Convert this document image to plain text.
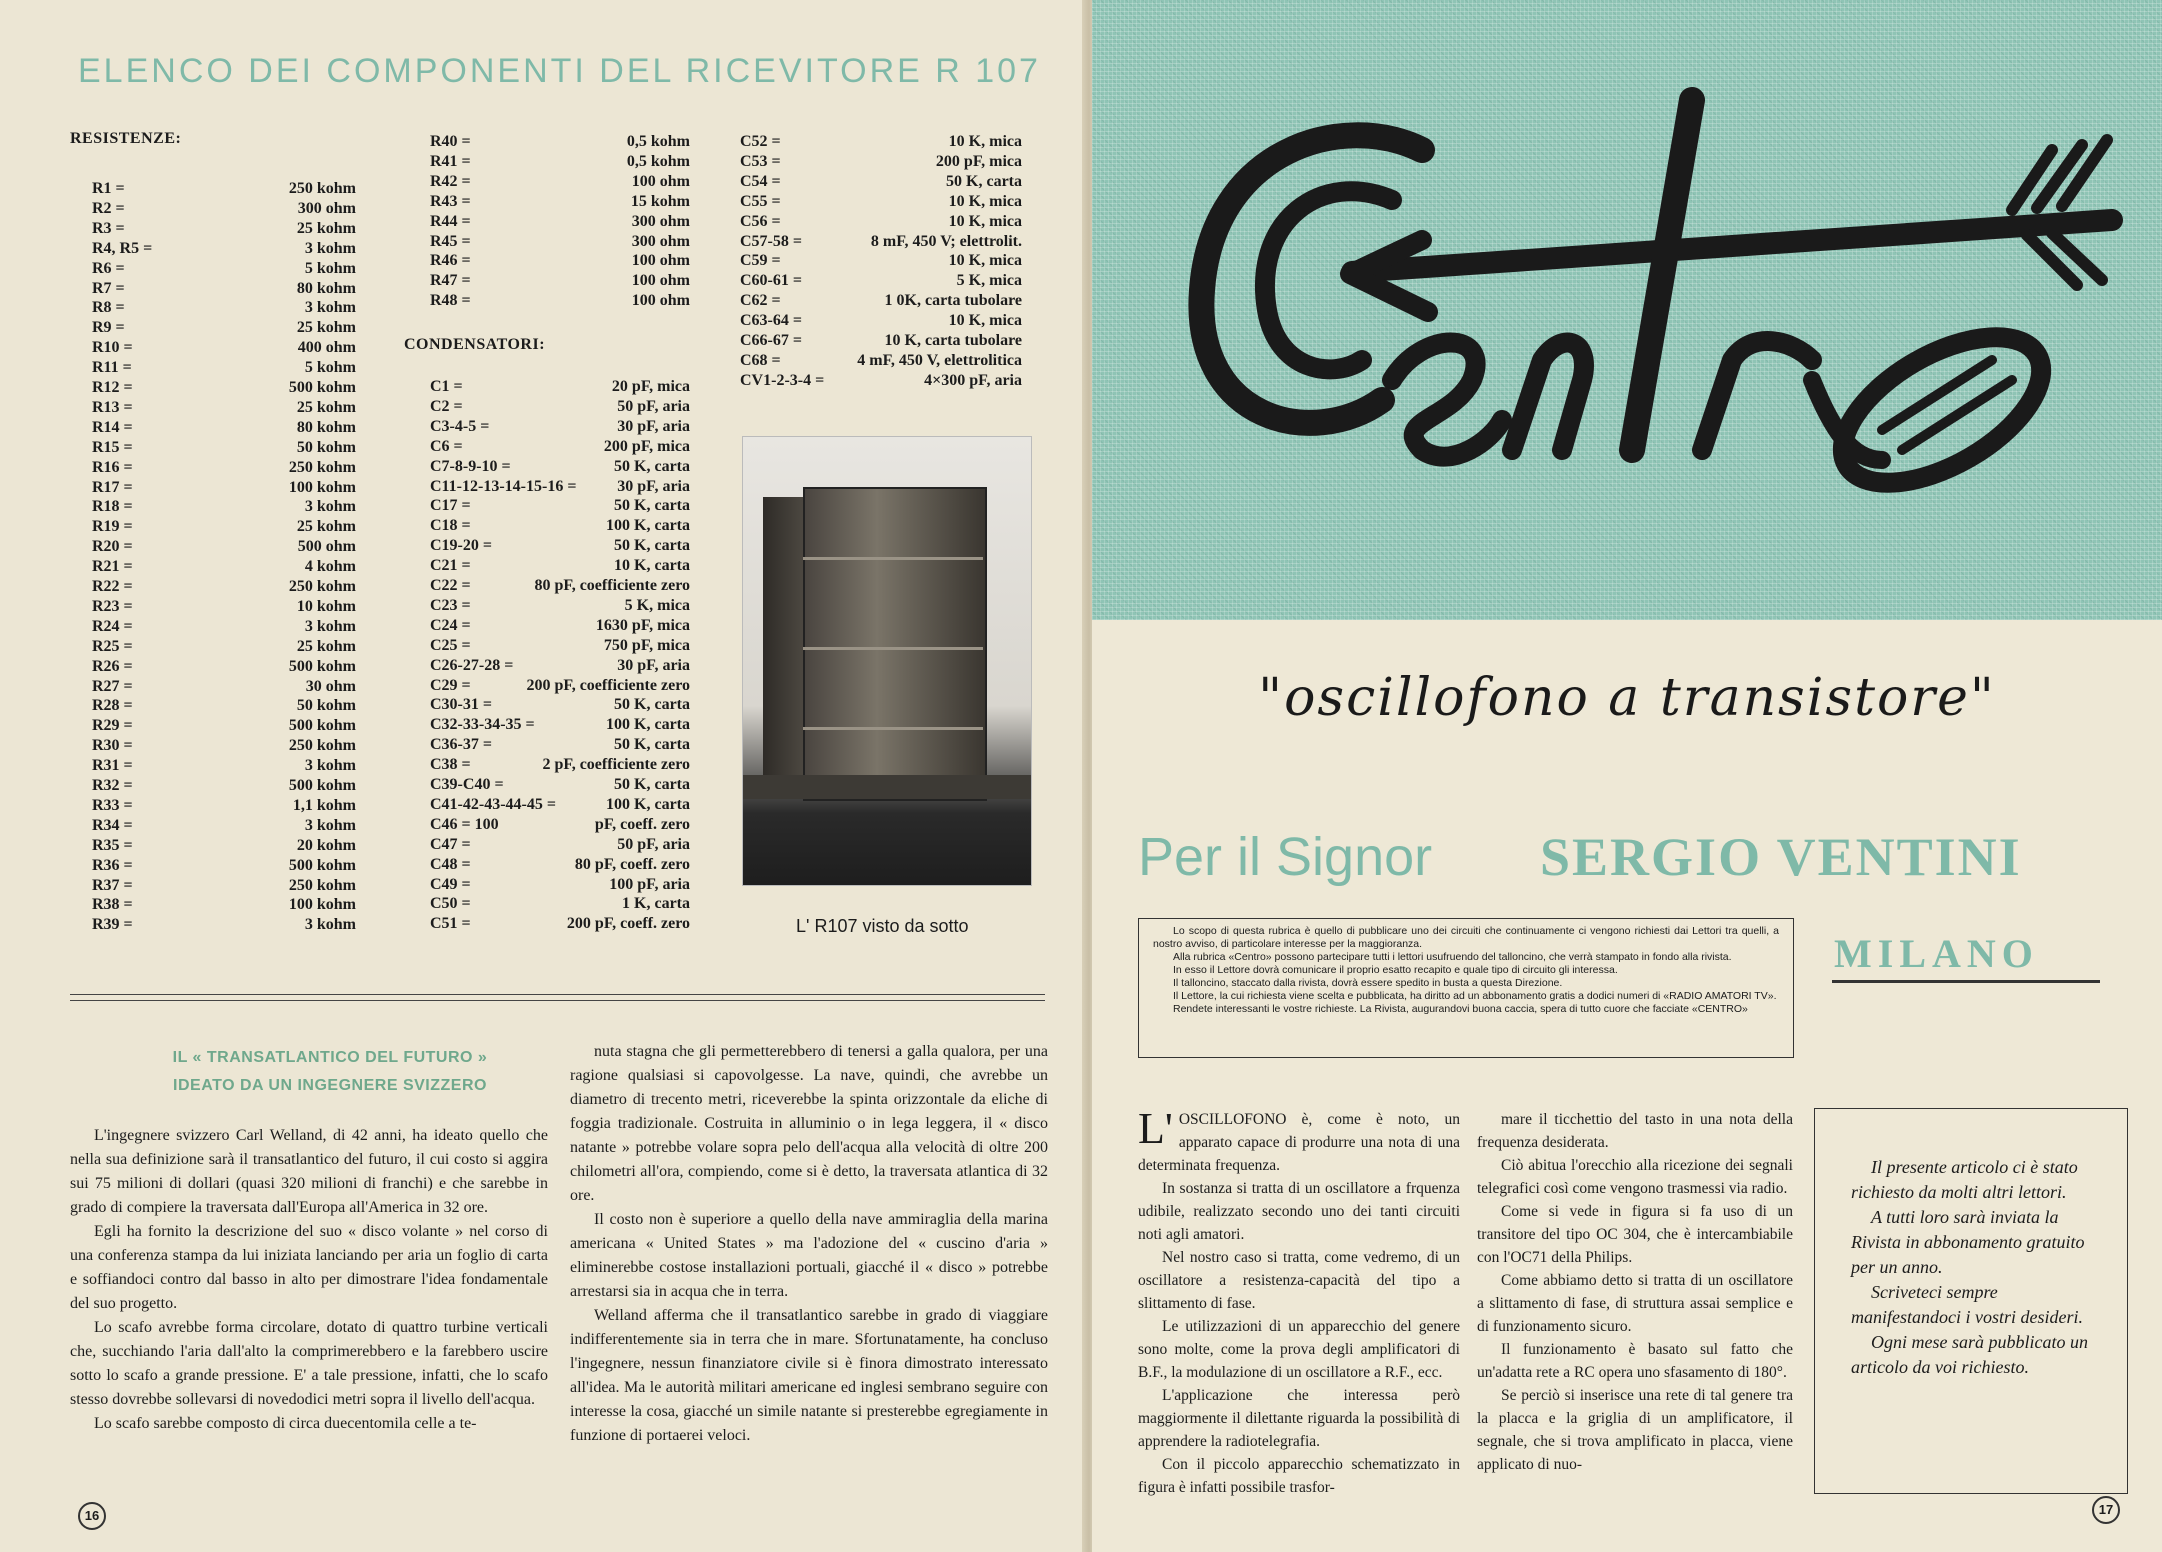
ELENCO DEI COMPONENTI DEL RICEVITORE R 107
RESISTENZE:
R1 =	250 kohm
R2 =	300 ohm
R3 =	25 kohm
R4, R5 =	3 kohm
R6 =	5 kohm
R7 =	80 kohm
R8 =	3 kohm
R9 =	25 kohm
R10 =	400 ohm
R11 =	5 kohm
R12 =	500 kohm
R13 =	25 kohm
R14 =	80 kohm
R15 =	50 kohm
R16 =	250 kohm
R17 =	100 kohm
R18 =	3 kohm
R19 =	25 kohm
R20 =	500 ohm
R21 =	4 kohm
R22 =	250 kohm
R23 =	10 kohm
R24 =	3 kohm
R25 =	25 kohm
R26 =	500 kohm
R27 =	30 ohm
R28 =	50 kohm
R29 =	500 kohm
R30 =	250 kohm
R31 =	3 kohm
R32 =	500 kohm
R33 =	1,1 kohm
R34 =	3 kohm
R35 =	20 kohm
R36 =	500 kohm
R37 =	250 kohm
R38 =	100 kohm
R39 =	3 kohm
R40 =	0,5 kohm
R41 =	0,5 kohm
R42 =	100 ohm
R43 =	15 kohm
R44 =	300 ohm
R45 =	300 ohm
R46 =	100 ohm
R47 =	100 ohm
R48 =	100 ohm
CONDENSATORI:
C1 =	20 pF, mica
C2 =	50 pF, aria
C3-4-5 =	30 pF, aria
C6 =	200 pF, mica
C7-8-9-10 =	50 K, carta
C11-12-13-14-15-16 =	30 pF, aria
C17 =	50 K, carta
C18 =	100 K, carta
C19-20 =	50 K, carta
C21 =	10 K, carta
C22 =	80 pF, coefficiente zero
C23 =	5 K, mica
C24 =	1630 pF, mica
C25 =	750 pF, mica
C26-27-28 =	30 pF, aria
C29 =	200 pF, coefficiente zero
C30-31 =	50 K, carta
C32-33-34-35 =	100 K, carta
C36-37 =	50 K, carta
C38 =	2 pF, coefficiente zero
C39-C40 =	50 K, carta
C41-42-43-44-45 =	100 K, carta
C46 = 100	pF, coeff. zero
C47 =	50 pF, aria
C48 =	80 pF, coeff. zero
C49 =	100 pF, aria
C50 =	1 K, carta
C51 =	200 pF, coeff. zero
C52 =	10 K, mica
C53 =	200 pF, mica
C54 =	50 K, carta
C55 =	10 K, mica
C56 =	10 K, mica
C57-58 =	8 mF, 450 V; elettrolit.
C59 =	10 K, mica
C60-61 =	5 K, mica
C62 =	1 0K, carta tubolare
C63-64 =	10 K, mica
C66-67 =	10 K, carta tubolare
C68 =	4 mF, 450 V, elettrolitica
CV1-2-3-4 =	4×300 pF, aria
L' R107 visto da sotto
IL « TRANSATLANTICO DEL FUTURO »
IDEATO DA UN INGEGNERE SVIZZERO

L'ingegnere svizzero Carl Welland, di 42 anni, ha ideato quello che nella sua definizione sarà il transatlantico del futuro, il cui costo si aggira sui 75 milioni di dollari (quasi 320 milioni di franchi) e che sarebbe in grado di compiere la traversata dall'Europa all'America in 32 ore.

Egli ha fornito la descrizione del suo « disco volante » nel corso di una conferenza stampa da lui iniziata lanciando per aria un foglio di carta e soffiandoci contro dal basso in alto per dimostrare l'idea fondamentale del suo progetto.

Lo scafo avrebbe forma circolare, dotato di quattro turbine verticali che, succhiando l'aria dall'alto la comprimerebbero e la farebbero uscire sotto lo scafo a grande pressione. E' a tale pressione, infatti, che lo scafo stesso dovrebbe sollevarsi di novedodici metri sopra il livello dell'acqua.

Lo scafo sarebbe composto di circa duecentomila celle a te-

nuta stagna che gli permetterebbero di tenersi a galla qualora, per una ragione qualsiasi si capovolgesse. La nave, quindi, che avrebbe un diametro di trecento metri, riceverebbe la spinta orizzontale da eliche di foggia tradizionale. Costruita in alluminio o in lega leggera, il « disco natante » potrebbe volare sopra pelo dell'acqua alla velocità di oltre 200 chilometri all'ora, compiendo, come si è detto, la traversata atlantica di 32 ore.

Il costo non è superiore a quello della nave ammiraglia della marina americana « United States » ma l'adozione del « cuscino d'aria » eliminerebbe costose installazioni portuali, giacché il « disco » potrebbe arrestarsi sia in acqua che in terra.

Welland afferma che il transatlantico sarebbe in grado di viaggiare indifferentemente sia in terra che in mare. Sfortunatamente, ha concluso l'ingegnere, nessun finanziatore civile si è finora dimostrato interessato all'idea. Ma le autorità militari americane ed inglesi sembrano seguire con interesse la cosa, giacché un simile natante si presterebbe egregiamente in funzione di portaerei veloci.

16
Centro
"oscillofono a transistore"
Per il Signor SERGIO VENTINI
MILANO

Lo scopo di questa rubrica è quello di pubblicare uno dei circuiti che continuamente ci vengono richiesti dai Lettori tra quelli, a nostro avviso, di particolare interesse per la maggioranza.

Alla rubrica «Centro» possono partecipare tutti i lettori usufruendo del talloncino, che verrà stampato in fondo alla rivista.

In esso il Lettore dovrà comunicare il proprio esatto recapito e quale tipo di circuito gli interessa.

Il talloncino, staccato dalla rivista, dovrà essere spedito in busta a questa Direzione.

Il Lettore, la cui richiesta viene scelta e pubblicata, ha diritto ad un abbonamento gratis a dodici numeri di «RADIO AMATORI TV».

Rendete interessanti le vostre richieste. La Rivista, augurandovi buona caccia, spera di tutto cuore che facciate «CENTRO»

L' OSCILLOFONO è, come è noto, un apparato capace di produrre una nota di una determinata frequenza.

In sostanza si tratta di un oscillatore a frquenza udibile, realizzato secondo uno dei tanti circuiti noti agli amatori.

Nel nostro caso si tratta, come vedremo, di un oscillatore a resistenza-capacità del tipo a slittamento di fase.

Le utilizzazioni di un apparecchio del genere sono molte, come la prova degli amplificatori di B.F., la modulazione di un oscillatore a R.F., ecc.

L'applicazione che interessa però maggiormente il dilettante riguarda la possibilità di apprendere la radiotelegrafia.

Con il piccolo apparecchio schematizzato in figura è infatti possibile trasfor-

mare il ticchettio del tasto in una nota della frequenza desiderata.

Ciò abitua l'orecchio alla ricezione dei segnali telegrafici così come vengono trasmessi via radio.

Come si vede in figura si fa uso di un transitore del tipo OC 304, che è intercambiabile con l'OC71 della Philips.

Come abbiamo detto si tratta di un oscillatore a slittamento di fase, di struttura assai semplice e di funzionamento sicuro.

Il funzionamento è basato sul fatto che un'adatta rete a RC opera uno sfasamento di 180°.

Se perciò si inserisce una rete di tal genere tra la placca e la griglia di un amplificatore, il segnale, che si trova amplificato in placca, viene applicato di nuo-

Il presente articolo ci è stato richiesto da molti altri lettori.

A tutti loro sarà inviata la Rivista in abbonamento gratuito per un anno.

Scriveteci sempre manifestandoci i vostri desideri.

Ogni mese sarà pubblicato un articolo da voi richiesto.

17
